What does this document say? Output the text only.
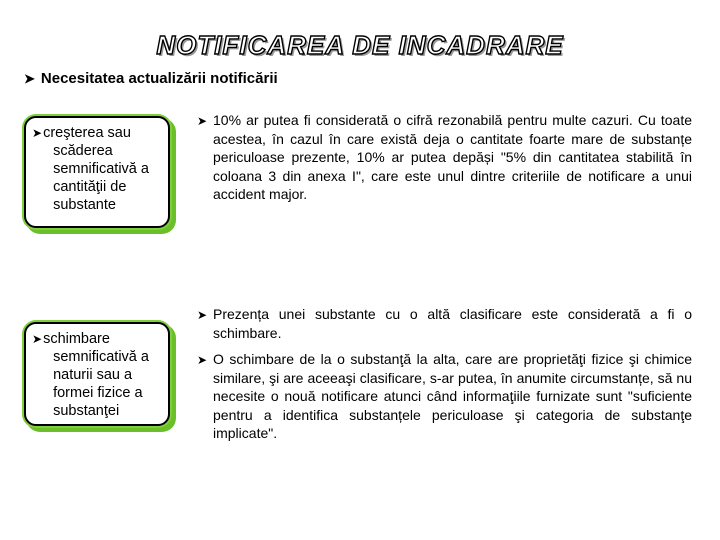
NOTIFICAREA DE INCADRARE
➤ Necesitatea actualizării notificării
➤ creşterea sau
scăderea semnificativă a cantităţii de substante
➤ schimbare
semnificativă a naturii sau a formei fizice a substanţei
➤ 10% ar putea fi considerată o cifră rezonabilă pentru multe cazuri. Cu toate acestea, în cazul în care există deja o cantitate foarte mare de substanțe periculoase prezente, 10% ar putea depăși "5% din cantitatea stabilită în coloana 3 din anexa I", care este unul dintre criteriile de notificare a unui accident major.
➤ Prezența unei substante cu o altă clasificare este considerată a fi o schimbare.
➤ O schimbare de la o substanţă la alta, care are proprietăţi fizice şi chimice similare, şi are aceeaşi clasificare, s-ar putea, în anumite circumstanțe, să nu necesite o nouă notificare atunci când informaţiile furnizate sunt "suficiente pentru a identifica substanțele periculoase şi categoria de substanţe implicate".
